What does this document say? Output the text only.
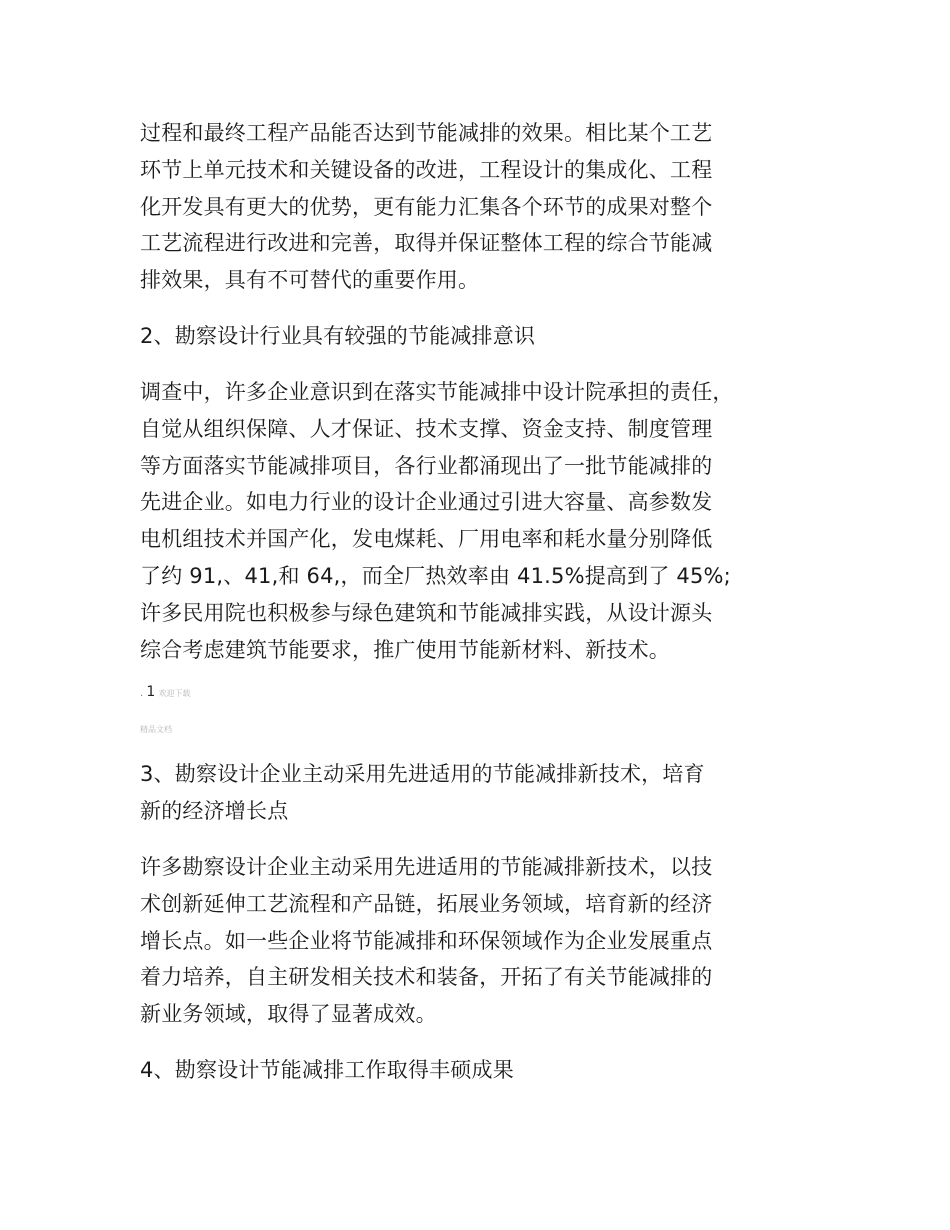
过程和最终工程产品能否达到节能减排的效果。相比某个工艺
环节上单元技术和关键设备的改进，工程设计的集成化、工程
化开发具有更大的优势，更有能力汇集各个环节的成果对整个
工艺流程进行改进和完善，取得并保证整体工程的综合节能减
排效果，具有不可替代的重要作用。
2、勘察设计行业具有较强的节能减排意识
调查中，许多企业意识到在落实节能减排中设计院承担的责任，
自觉从组织保障、人才保证、技术支撑、资金支持、制度管理
等方面落实节能减排项目，各行业都涌现出了一批节能减排的
先进企业。如电力行业的设计企业通过引进大容量、高参数发
电机组技术并国产化，发电煤耗、厂用电率和耗水量分别降低
了约 91,、41,和 64,，而全厂热效率由 41.5%提高到了 45%;
许多民用院也积极参与绿色建筑和节能减排实践，从设计源头
综合考虑建筑节能要求，推广使用节能新材料、新技术。
. 1 欢迎下载
精品文档
3、勘察设计企业主动采用先进适用的节能减排新技术，培育
新的经济增长点
许多勘察设计企业主动采用先进适用的节能减排新技术，以技
术创新延伸工艺流程和产品链，拓展业务领域，培育新的经济
增长点。如一些企业将节能减排和环保领域作为企业发展重点
着力培养，自主研发相关技术和装备，开拓了有关节能减排的
新业务领域，取得了显著成效。
4、勘察设计节能减排工作取得丰硕成果
